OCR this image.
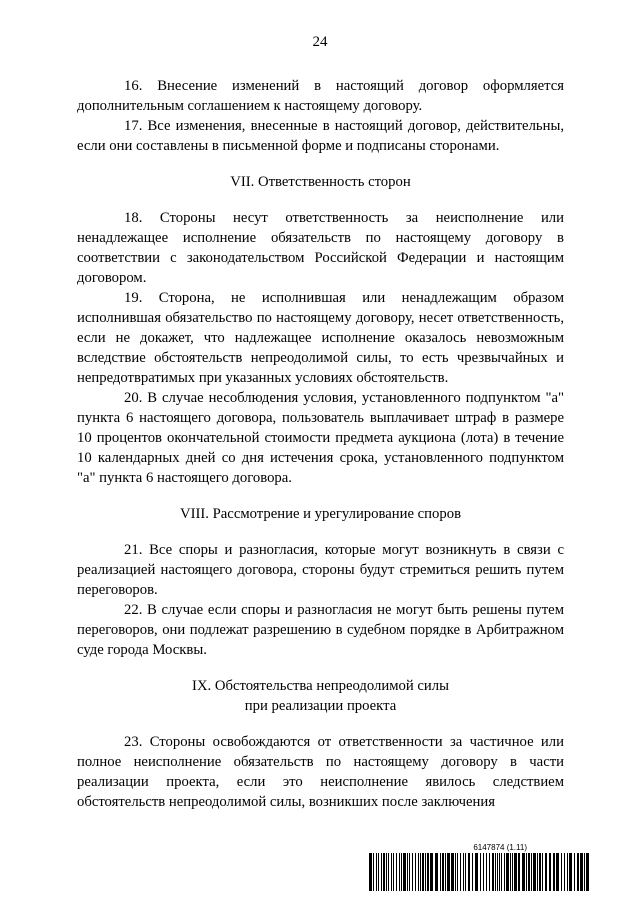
24

16. Внесение изменений в настоящий договор оформляется дополнительным соглашением к настоящему договору.

17. Все изменения, внесенные в настоящий договор, действительны, если они составлены в письменной форме и подписаны сторонами.

VII. Ответственность сторон

18. Стороны несут ответственность за неисполнение или ненадлежащее исполнение обязательств по настоящему договору в соответствии с законодательством Российской Федерации и настоящим договором.

19. Сторона, не исполнившая или ненадлежащим образом исполнившая обязательство по настоящему договору, несет ответственность, если не докажет, что надлежащее исполнение оказалось невозможным вследствие обстоятельств непреодолимой силы, то есть чрезвычайных и непредотвратимых при указанных условиях обстоятельств.

20. В случае несоблюдения условия, установленного подпунктом "а" пункта 6 настоящего договора, пользователь выплачивает штраф в размере 10 процентов окончательной стоимости предмета аукциона (лота) в течение 10 календарных дней со дня истечения срока, установленного подпунктом "а" пункта 6 настоящего договора.

VIII. Рассмотрение и урегулирование споров

21. Все споры и разногласия, которые могут возникнуть в связи с реализацией настоящего договора, стороны будут стремиться решить путем переговоров.

22. В случае если споры и разногласия не могут быть решены путем переговоров, они подлежат разрешению в судебном порядке в Арбитражном суде города Москвы.

IX. Обстоятельства непреодолимой силы
при реализации проекта

23. Стороны освобождаются от ответственности за частичное или полное неисполнение обязательств по настоящему договору в части реализации проекта, если это неисполнение явилось следствием обстоятельств непреодолимой силы, возникших после заключения

6147874 (1.11)
